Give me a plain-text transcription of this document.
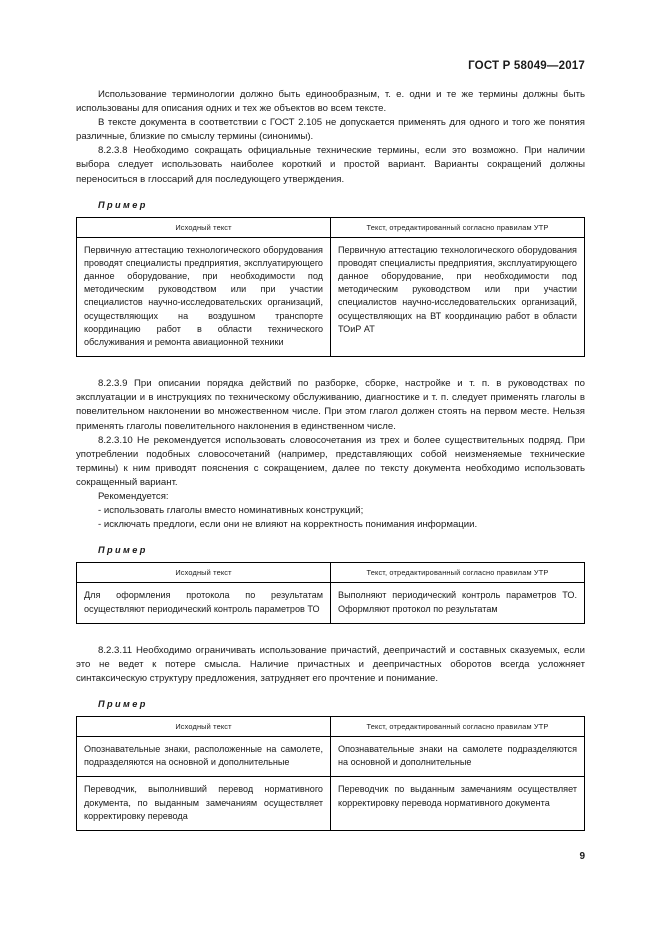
ГОСТ Р 58049—2017

Использование терминологии должно быть единообразным, т. е. одни и те же термины должны быть использованы для описания одних и тех же объектов во всем тексте.

В тексте документа в соответствии с ГОСТ 2.105 не допускается применять для одного и того же понятия различные, близкие по смыслу термины (синонимы).

8.2.3.8 Необходимо сокращать официальные технические термины, если это возможно. При наличии выбора следует использовать наиболее короткий и простой вариант. Варианты сокращений должны переноситься в глоссарий для последующего утверждения.

Пример
Исходный текст	Текст, отредактированный согласно правилам УТР
Первичную аттестацию технологического оборудования проводят специалисты предприятия, эксплуатирующего данное оборудование, при необходимости под методическим руководством или при участии специалистов научно-исследовательских организаций, осуществляющих на воздушном транспорте координацию работ в области технического обслуживания и ремонта авиационной техники	Первичную аттестацию технологического оборудования проводят специалисты предприятия, эксплуатирующего данное оборудование, при необходимости под методическим руководством или при участии специалистов научно-исследовательских организаций, осуществляющих на ВТ координацию работ в области ТОиР АТ

8.2.3.9 При описании порядка действий по разборке, сборке, настройке и т. п. в руководствах по эксплуатации и в инструкциях по техническому обслуживанию, диагностике и т. п. следует применять глаголы в повелительном наклонении во множественном числе. При этом глагол должен стоять на первом месте. Нельзя применять глаголы повелительного наклонения в единственном числе.

8.2.3.10 Не рекомендуется использовать словосочетания из трех и более существительных подряд. При употреблении подобных словосочетаний (например, представляющих собой неизменяемые технические термины) к ним приводят пояснения с сокращением, далее по тексту документа необходимо использовать сокращенный вариант.

Рекомендуется:

- использовать глаголы вместо номинативных конструкций;

- исключать предлоги, если они не влияют на корректность понимания информации.

Пример
Исходный текст	Текст, отредактированный согласно правилам УТР
Для оформления протокола по результатам осуществляют периодический контроль параметров ТО	Выполняют периодический контроль параметров ТО. Оформляют протокол по результатам

8.2.3.11 Необходимо ограничивать использование причастий, деепричастий и составных сказуемых, если это не ведет к потере смысла. Наличие причастных и деепричастных оборотов всегда усложняет синтаксическую структуру предложения, затрудняет его прочтение и понимание.

Пример
Исходный текст	Текст, отредактированный согласно правилам УТР
Опознавательные знаки, расположенные на самолете, подразделяются на основной и дополнительные	Опознавательные знаки на самолете подразделяются на основной и дополнительные
Переводчик, выполнивший перевод нормативного документа, по выданным замечаниям осуществляет корректировку перевода	Переводчик по выданным замечаниям осуществляет корректировку перевода нормативного документа
9
